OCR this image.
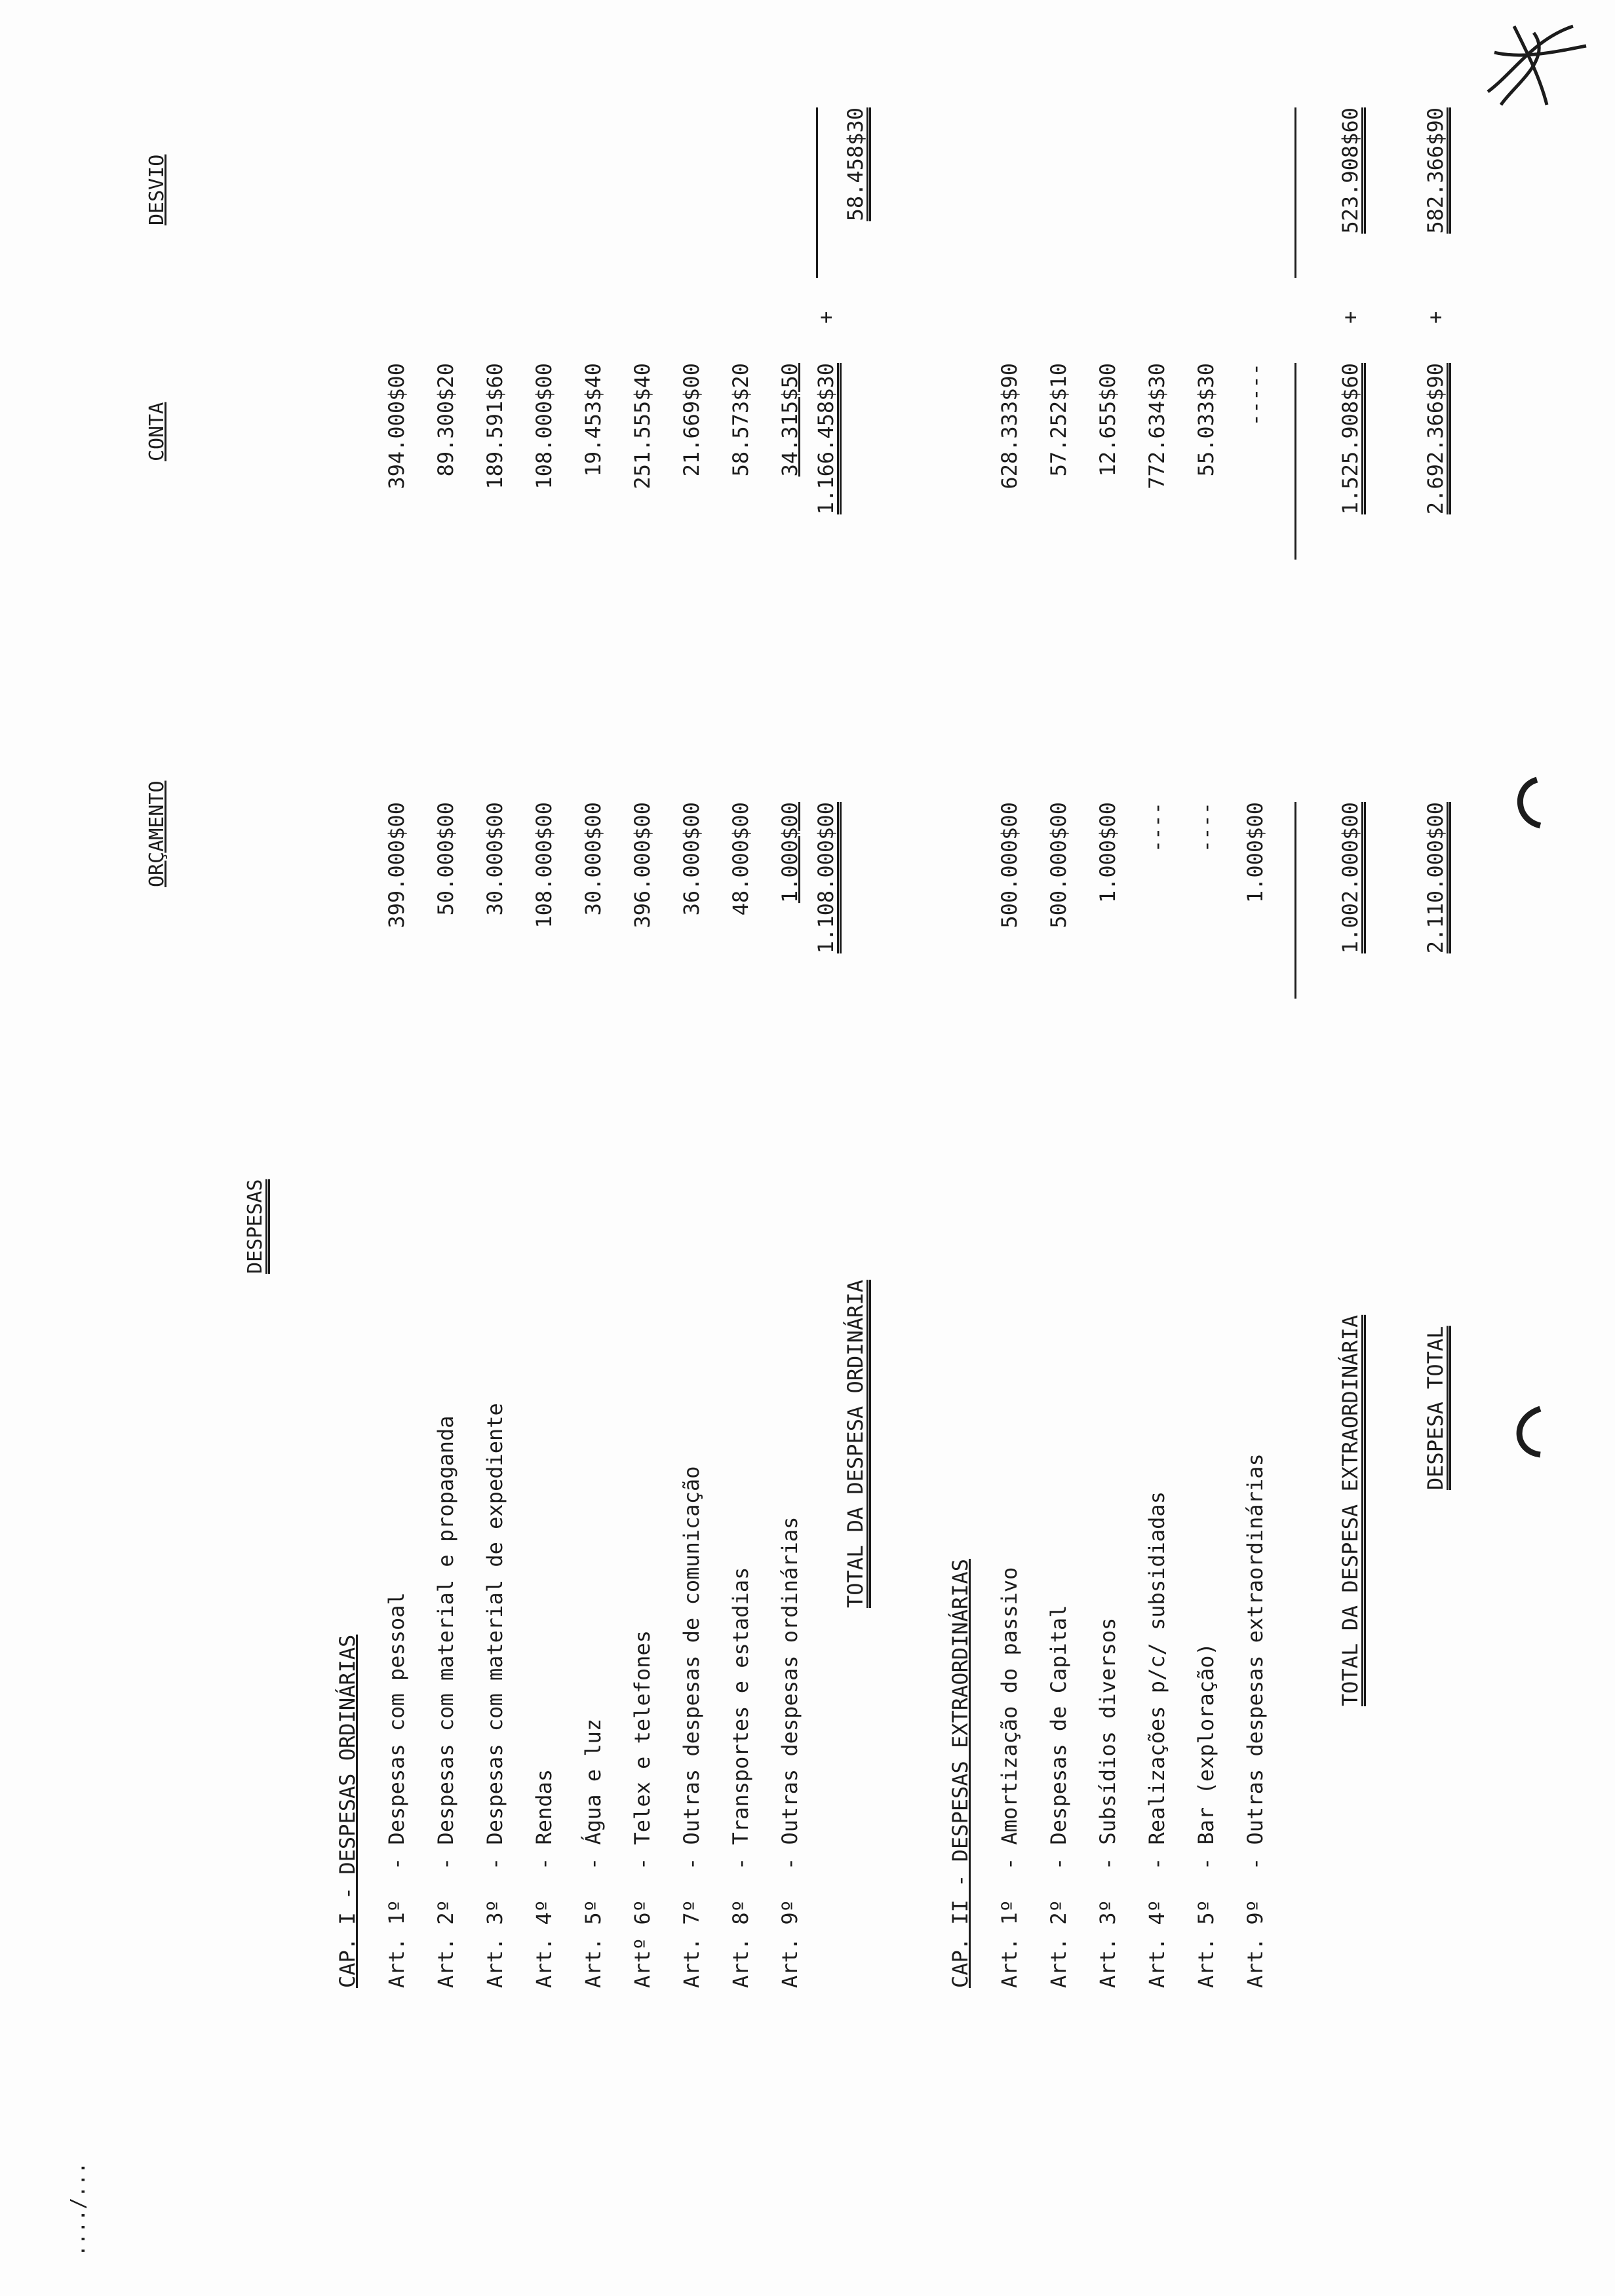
..../...
DESPESAS
ORÇAMENTO
CONTA
DESVIO
CAP. I - DESPESAS ORDINÁRIAS Art. 1º
- Despesas com pessoal
399.000$00
394.000$00
Art. 2º
- Despesas com material e propaganda
50.000$00
89.300$20
Art. 3º
- Despesas com material de expediente
30.000$00
189.591$60
Art. 4º
- Rendas
108.000$00
108.000$00
Art. 5º
- Água e luz
30.000$00
19.453$40
Artº 6º
- Telex e telefones
396.000$00
251.555$40
Art. 7º
- Outras despesas de comunicação
36.000$00
21.669$00
Art. 8º
- Transportes e estadias
48.000$00
58.573$20
Art. 9º
- Outras despesas ordinárias
1.000$00
34.315$50
TOTAL DA DESPESA ORDINÁRIA
1.108.000$00
1.166.458$30
+
58.458$30
CAP. II - DESPESAS EXTRAORDINÁRIAS Art. 1º
- Amortização do passivo
500.000$00
628.333$90
Art. 2º
- Despesas de Capital
500.000$00
57.252$10
Art. 3º
- Subsídios diversos
1.000$00
12.655$00
Art. 4º
- Realizações p/c/ subsidiadas
----
772.634$30
Art. 5º
- Bar (exploração)
----
55.033$30
Art. 9º
- Outras despesas extraordinárias
1.000$00
-----
TOTAL DA DESPESA EXTRAORDINÁRIA
1.002.000$00
1.525.908$60
+
523.908$60
DESPESA TOTAL
2.110.000$00
2.692.366$90
+
582.366$90
